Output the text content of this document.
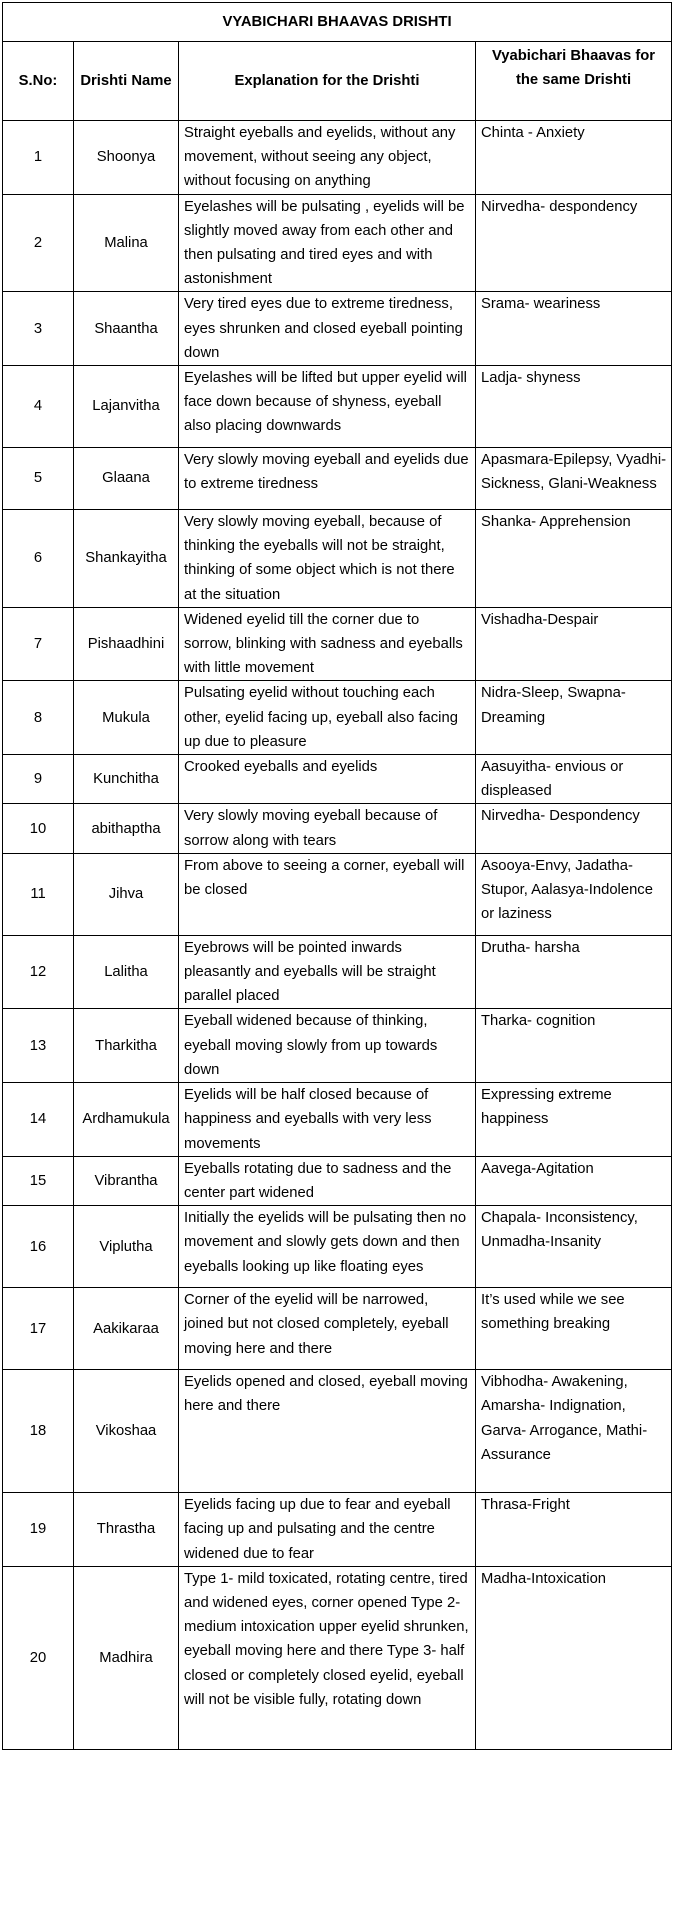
VYABICHARI BHAAVAS DRISHTI			
S.No:	Drishti Name	Explanation for the Drishti	Vyabichari Bhaavas for the same Drishti
1	Shoonya	Straight eyeballs and eyelids, without any movement, without seeing any object, without focusing on anything	Chinta - Anxiety
2	Malina	Eyelashes will be pulsating , eyelids will be slightly moved away from each other and then pulsating and tired eyes and with astonishment	Nirvedha- despondency
3	Shaantha	Very tired eyes due to extreme tiredness, eyes shrunken and closed eyeball pointing down	Srama- weariness
4	Lajanvitha	Eyelashes will be lifted but upper eyelid will face down because of shyness, eyeball also placing downwards	Ladja- shyness
5	Glaana	Very slowly moving eyeball and eyelids due to extreme tiredness	Apasmara-Epilepsy, Vyadhi-Sickness, Glani-Weakness
6	Shankayitha	Very slowly moving eyeball, because of thinking the eyeballs will not be straight, thinking of some object which is not there at the situation	Shanka- Apprehension
7	Pishaadhini	Widened eyelid till the corner due to sorrow, blinking with sadness and eyeballs with little movement	Vishadha-Despair
8	Mukula	Pulsating eyelid without touching each other, eyelid facing up, eyeball also facing up due to pleasure	Nidra-Sleep, Swapna-Dreaming
9	Kunchitha	Crooked eyeballs and eyelids	Aasuyitha- envious or displeased
10	abithaptha	Very slowly moving eyeball because of sorrow along with tears	Nirvedha- Despondency
11	Jihva	From above to seeing a corner, eyeball will be closed	Asooya-Envy, Jadatha-Stupor, Aalasya-Indolence or laziness
12	Lalitha	Eyebrows will be pointed inwards pleasantly and eyeballs will be straight parallel placed	Drutha- harsha
13	Tharkitha	Eyeball widened because of thinking, eyeball moving slowly from up towards down	Tharka- cognition
14	Ardhamukula	Eyelids will be half closed because of happiness and eyeballs with very less movements	Expressing extreme happiness
15	Vibrantha	Eyeballs rotating due to sadness and the center part widened	Aavega-Agitation
16	Viplutha	Initially the eyelids will be pulsating then no movement and slowly gets down and then eyeballs looking up like floating eyes	Chapala- Inconsistency, Unmadha-Insanity
17	Aakikaraa	Corner of the eyelid will be narrowed, joined but not closed completely, eyeball moving here and there	It’s used while we see something breaking
18	Vikoshaa	Eyelids opened and closed, eyeball moving here and there	Vibhodha- Awakening, Amarsha- Indignation, Garva- Arrogance, Mathi- Assurance
19	Thrastha	Eyelids facing up due to fear and eyeball facing up and pulsating and the centre widened due to fear	Thrasa-Fright
20	Madhira	Type 1- mild toxicated, rotating centre, tired and widened eyes, corner opened Type 2- medium intoxication upper eyelid shrunken, eyeball moving here and there Type 3- half closed or completely closed eyelid, eyeball will not be visible fully, rotating down	Madha-Intoxication
